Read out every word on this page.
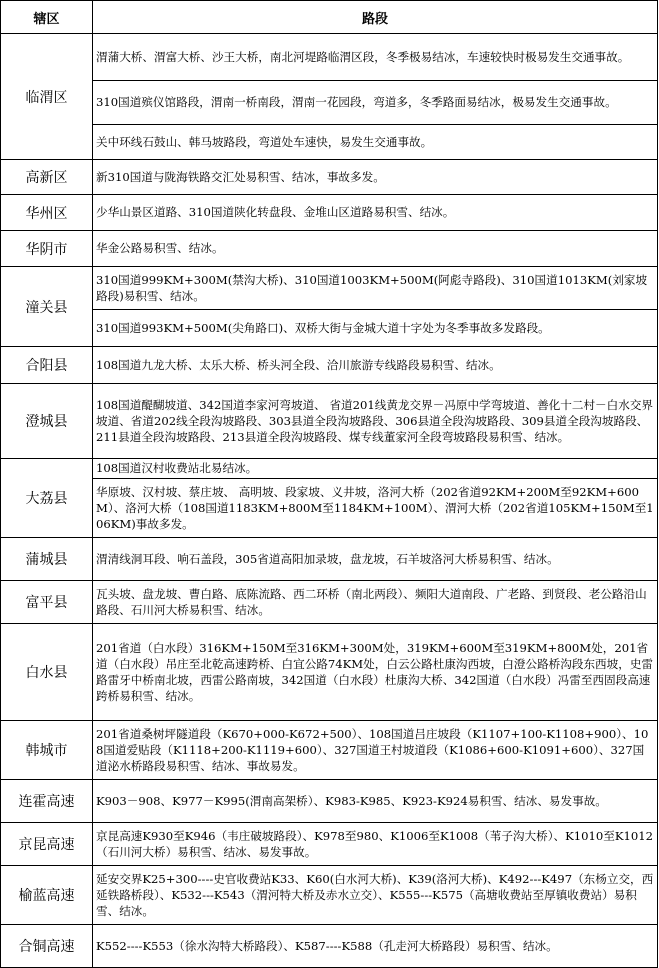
辖区	路段
临渭区	渭蒲大桥、渭富大桥、沙王大桥，南北河堤路临渭区段，冬季极易结冰，车速较快时极易发生交通事故。
	310国道殡仪馆路段，渭南一桥南段，渭南一花园段，弯道多，冬季路面易结冰，极易发生交通事故。
	关中环线石鼓山、韩马坡路段，弯道处车速快，易发生交通事故。
高新区	新310国道与陇海铁路交汇处易积雪、结冰，事故多发。
华州区	少华山景区道路、310国道陕化转盘段、金堆山区道路易积雪、结冰。
华阴市	华金公路易积雪、结冰。
潼关县	310国道999KM+300M(禁沟大桥)、310国道1003KM+500M(阿彪寺路段)、310国道1013KM(刘家坡路段)易积雪、结冰。
	310国道993KM+500M(尖角路口)、双桥大街与金城大道十字处为冬季事故多发路段。
合阳县	108国道九龙大桥、太乐大桥、桥头河全段、洽川旅游专线路段易积雪、结冰。
澄城县	108国道醍醐坡道、342国道李家河弯坡道、 省道201线黄龙交界－冯原中学弯坡道、善化十二村－白水交界坡道、省道202线全段沟坡路段、303县道全段沟坡路段、306县道全段沟坡路段、309县道全段沟坡路段、211县道全段沟坡路段、213县道全段沟坡路段、煤专线董家河全段弯坡路段易积雪、结冰。
大荔县	108国道汉村收费站北易结冰。
	华原坡、汉村坡、蔡庄坡、 高明坡、段家坡、义井坡，洛河大桥（202省道92KM+200M至92KM+600M）、洛河大桥（108国道1183KM+800M至1184KM+100M）、渭河大桥（202省道105KM+150M至106KM)事故多发。
蒲城县	渭清线洞耳段、响石盖段，305省道高阳加录坡，盘龙坡，石羊坡洛河大桥易积雪、结冰。
富平县	瓦头坡、盘龙坡、曹白路、底陈流路、西二环桥（南北两段）、频阳大道南段、广老路、到贤段、老公路沿山路段、石川河大桥易积雪、结冰。
白水县	201省道（白水段）316KM+150M至316KM+300M处，319KM+600M至319KM+800M处，201省道（白水段）吊庄至北乾高速跨桥、白宜公路74KM处，白云公路杜康沟西坡，白澄公路桥沟段东西坡，史雷路雷牙中桥南北坡，西雷公路南坡，342国道（白水段）杜康沟大桥、342国道（白水段）冯雷至西固段高速跨桥易积雪、结冰。
韩城市	201省道桑树坪隧道段（K670+000-K672+500）、108国道吕庄坡段（K1107+100-K1108+900）、108国道爱贴段（K1118+200-K1119+600）、327国道王村坡道段（K1086+600-K1091+600）、327国道泌水桥路段易积雪、结冰、事故易发。
连霍高速	K903－908、K977－K995(渭南高架桥）、K983-K985、K923-K924易积雪、结冰、易发事故。
京昆高速	京昆高速K930至K946（韦庄破坡路段）、K978至980、K1006至K1008（苇子沟大桥）、K1010至K1012（石川河大桥）易积雪、结冰、易发事故。
榆蓝高速	延安交界K25+300----史官收费站K33、K60(白水河大桥)、K39(洛河大桥)、K492---K497（东杨立交，西延铁路桥段）、K532---K543（渭河特大桥及赤水立交）、K555---K575（高塘收费站至厚镇收费站）易积雪、结冰。
合铜高速	K552----K553（徐水沟特大桥路段）、K587----K588（孔走河大桥路段）易积雪、结冰。
